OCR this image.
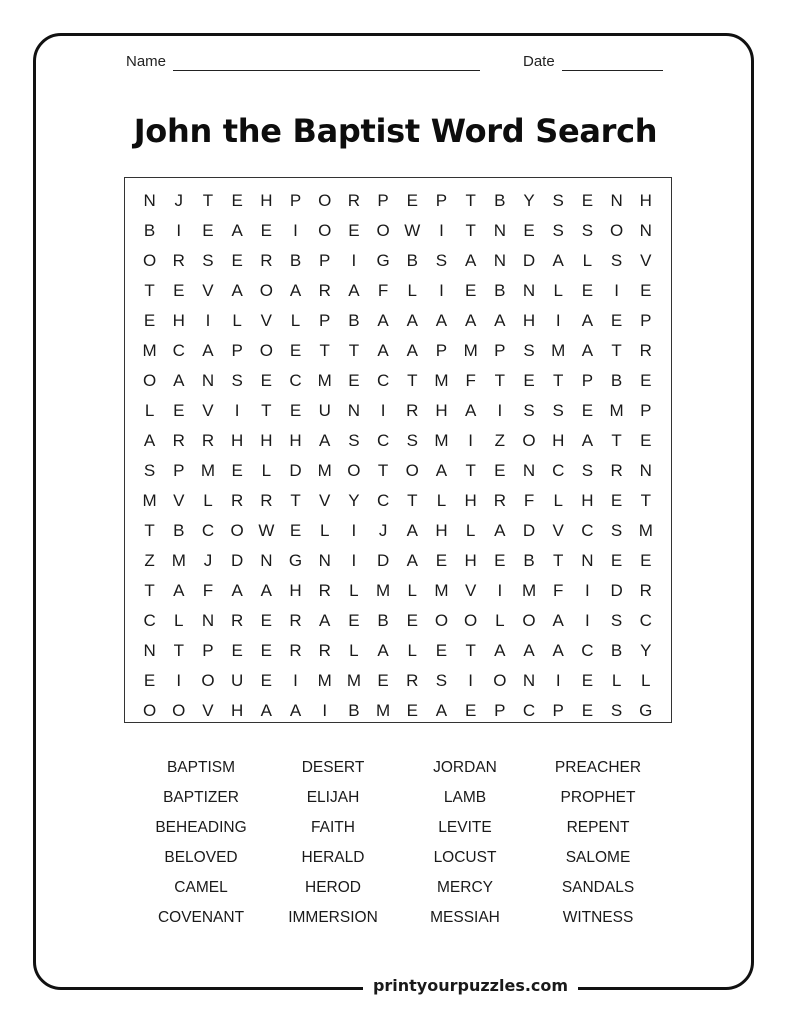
Name	Date
John the Baptist Word Search
N	J	T	E	H	P O R	P	E	P	T	B	Y	S	E	N H
B	I	E	A	E	I	O E O W	I	T	N	E	S	S O N
O R	S	E	R	B	P	I	G B	S	A	N D	A	L	S	V
T	E	V	A O A	R	A	F	L	I	E	B	N	L	E	I	E
E	H	I	L	V	L	P	B	A	A	A	A	A	H	I	A	E	P
M C	A	P O E	T	T	A	A	P M P	S M A	T	R
O A	N	S	E	C M E	C	T M F	T	E	T	P	B	E
L	E	V	I	T	E	U N	I	R H	A	I	S	S	E M P
A	R R H H H	A	S	C	S M	I	Z	O H	A	T	E
S	P M E	L	D M O	T	O A	T	E	N C	S	R N
M V	L	R R	T	V	Y	C	T	L	H R	F	L	H	E	T
T	B	C O W E	L	I	J	A	H	L	A	D	V	C	S M
Z M	J	D N G N	I	D	A	E	H	E	B	T	N	E	E
T	A	F	A	A	H R	L	M	L	M V	I	M F	I	D R
C	L	N R	E	R	A	E	B	E O O	L	O A	I	S	C
N	T	P	E	E	R R	L	A	L	E	T	A	A	A	C	B	Y
E	I	O U	E	I	M M E	R	S	I	O N	I	E	L	L
O O V	H	A	A	I	B M E	A	E	P	C	P	E	S G
BAPTISM	DESERT	JORDAN	PREACHER
BAPTIZER	ELIJAH	LAMB	PROPHET
BEHEADING	FAITH	LEVITE	REPENT
BELOVED	HERALD	LOCUST	SALOME
CAMEL	HEROD	MERCY	SANDALS
COVENANT	IMMERSION	MESSIAH	WITNESS
printyourpuzzles.com
